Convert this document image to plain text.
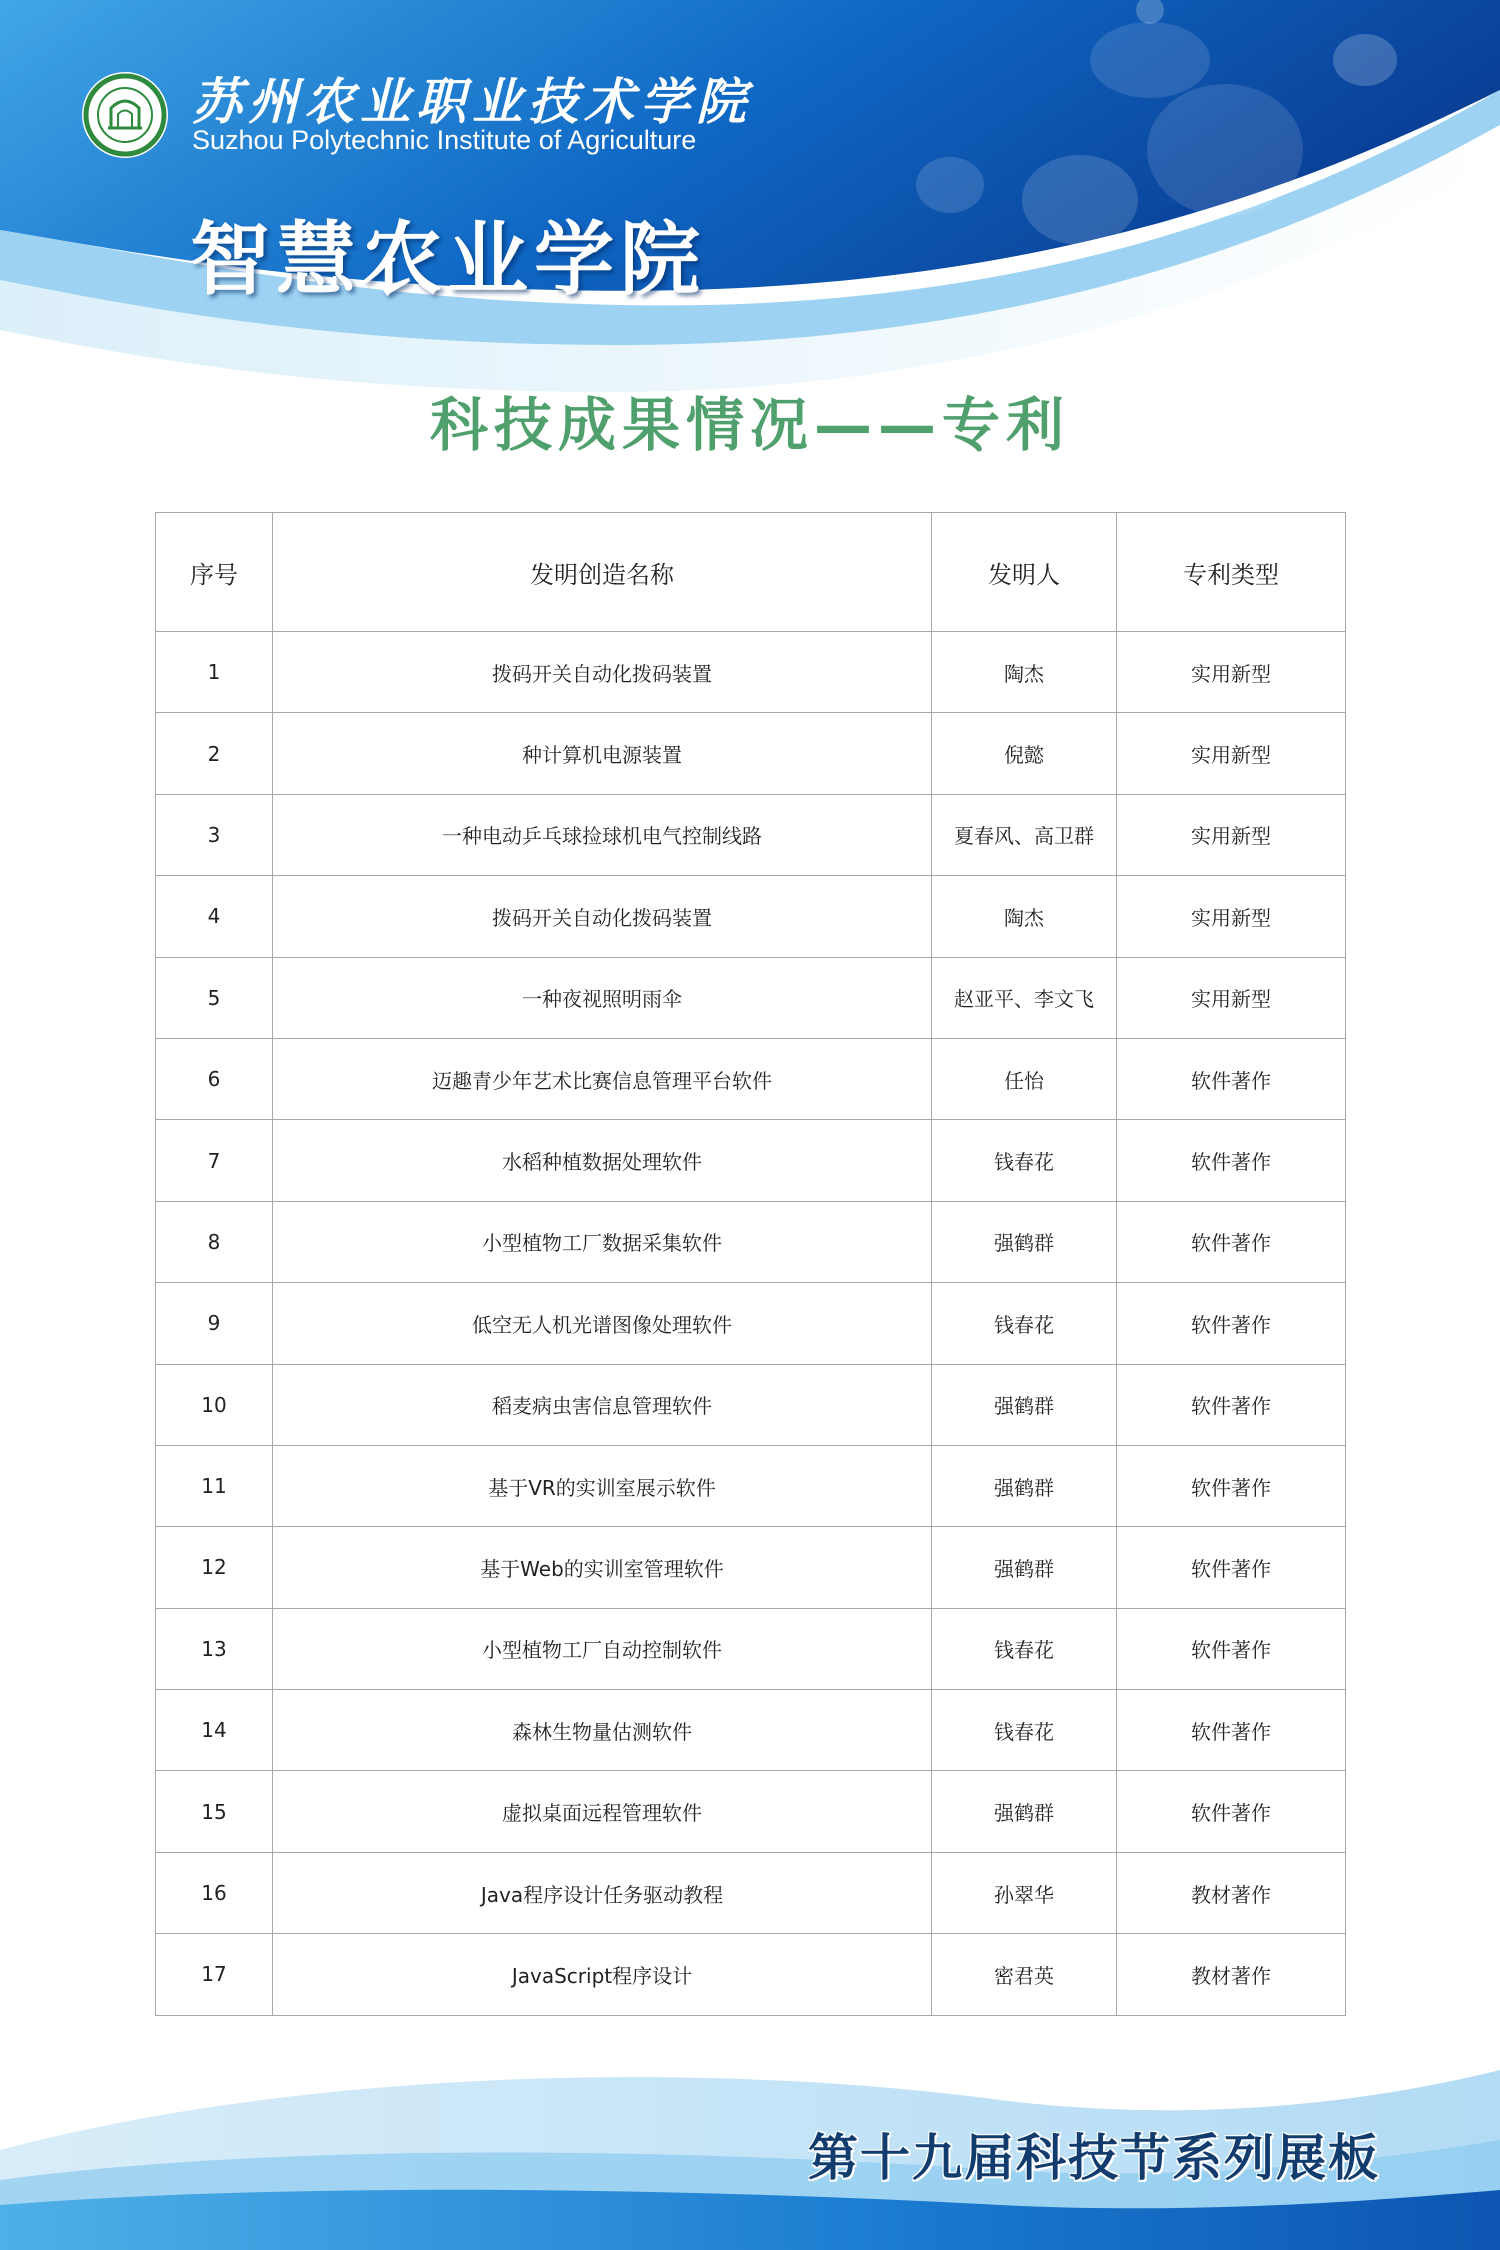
苏州农业职业技术学院
Suzhou Polytechnic Institute of Agriculture
智慧农业学院
科技成果情况——专利
序号	发明创造名称	发明人	专利类型
1	拨码开关自动化拨码装置	陶杰	实用新型
2	种计算机电源装置	倪懿	实用新型
3	一种电动乒乓球捡球机电气控制线路	夏春风、高卫群	实用新型
4	拨码开关自动化拨码装置	陶杰	实用新型
5	一种夜视照明雨伞	赵亚平、李文飞	实用新型
6	迈趣青少年艺术比赛信息管理平台软件	任怡	软件著作
7	水稻种植数据处理软件	钱春花	软件著作
8	小型植物工厂数据采集软件	强鹤群	软件著作
9	低空无人机光谱图像处理软件	钱春花	软件著作
10	稻麦病虫害信息管理软件	强鹤群	软件著作
11	基于VR的实训室展示软件	强鹤群	软件著作
12	基于Web的实训室管理软件	强鹤群	软件著作
13	小型植物工厂自动控制软件	钱春花	软件著作
14	森林生物量估测软件	钱春花	软件著作
15	虚拟桌面远程管理软件	强鹤群	软件著作
16	Java程序设计任务驱动教程	孙翠华	教材著作
17	JavaScript程序设计	密君英	教材著作
第十九届科技节系列展板
